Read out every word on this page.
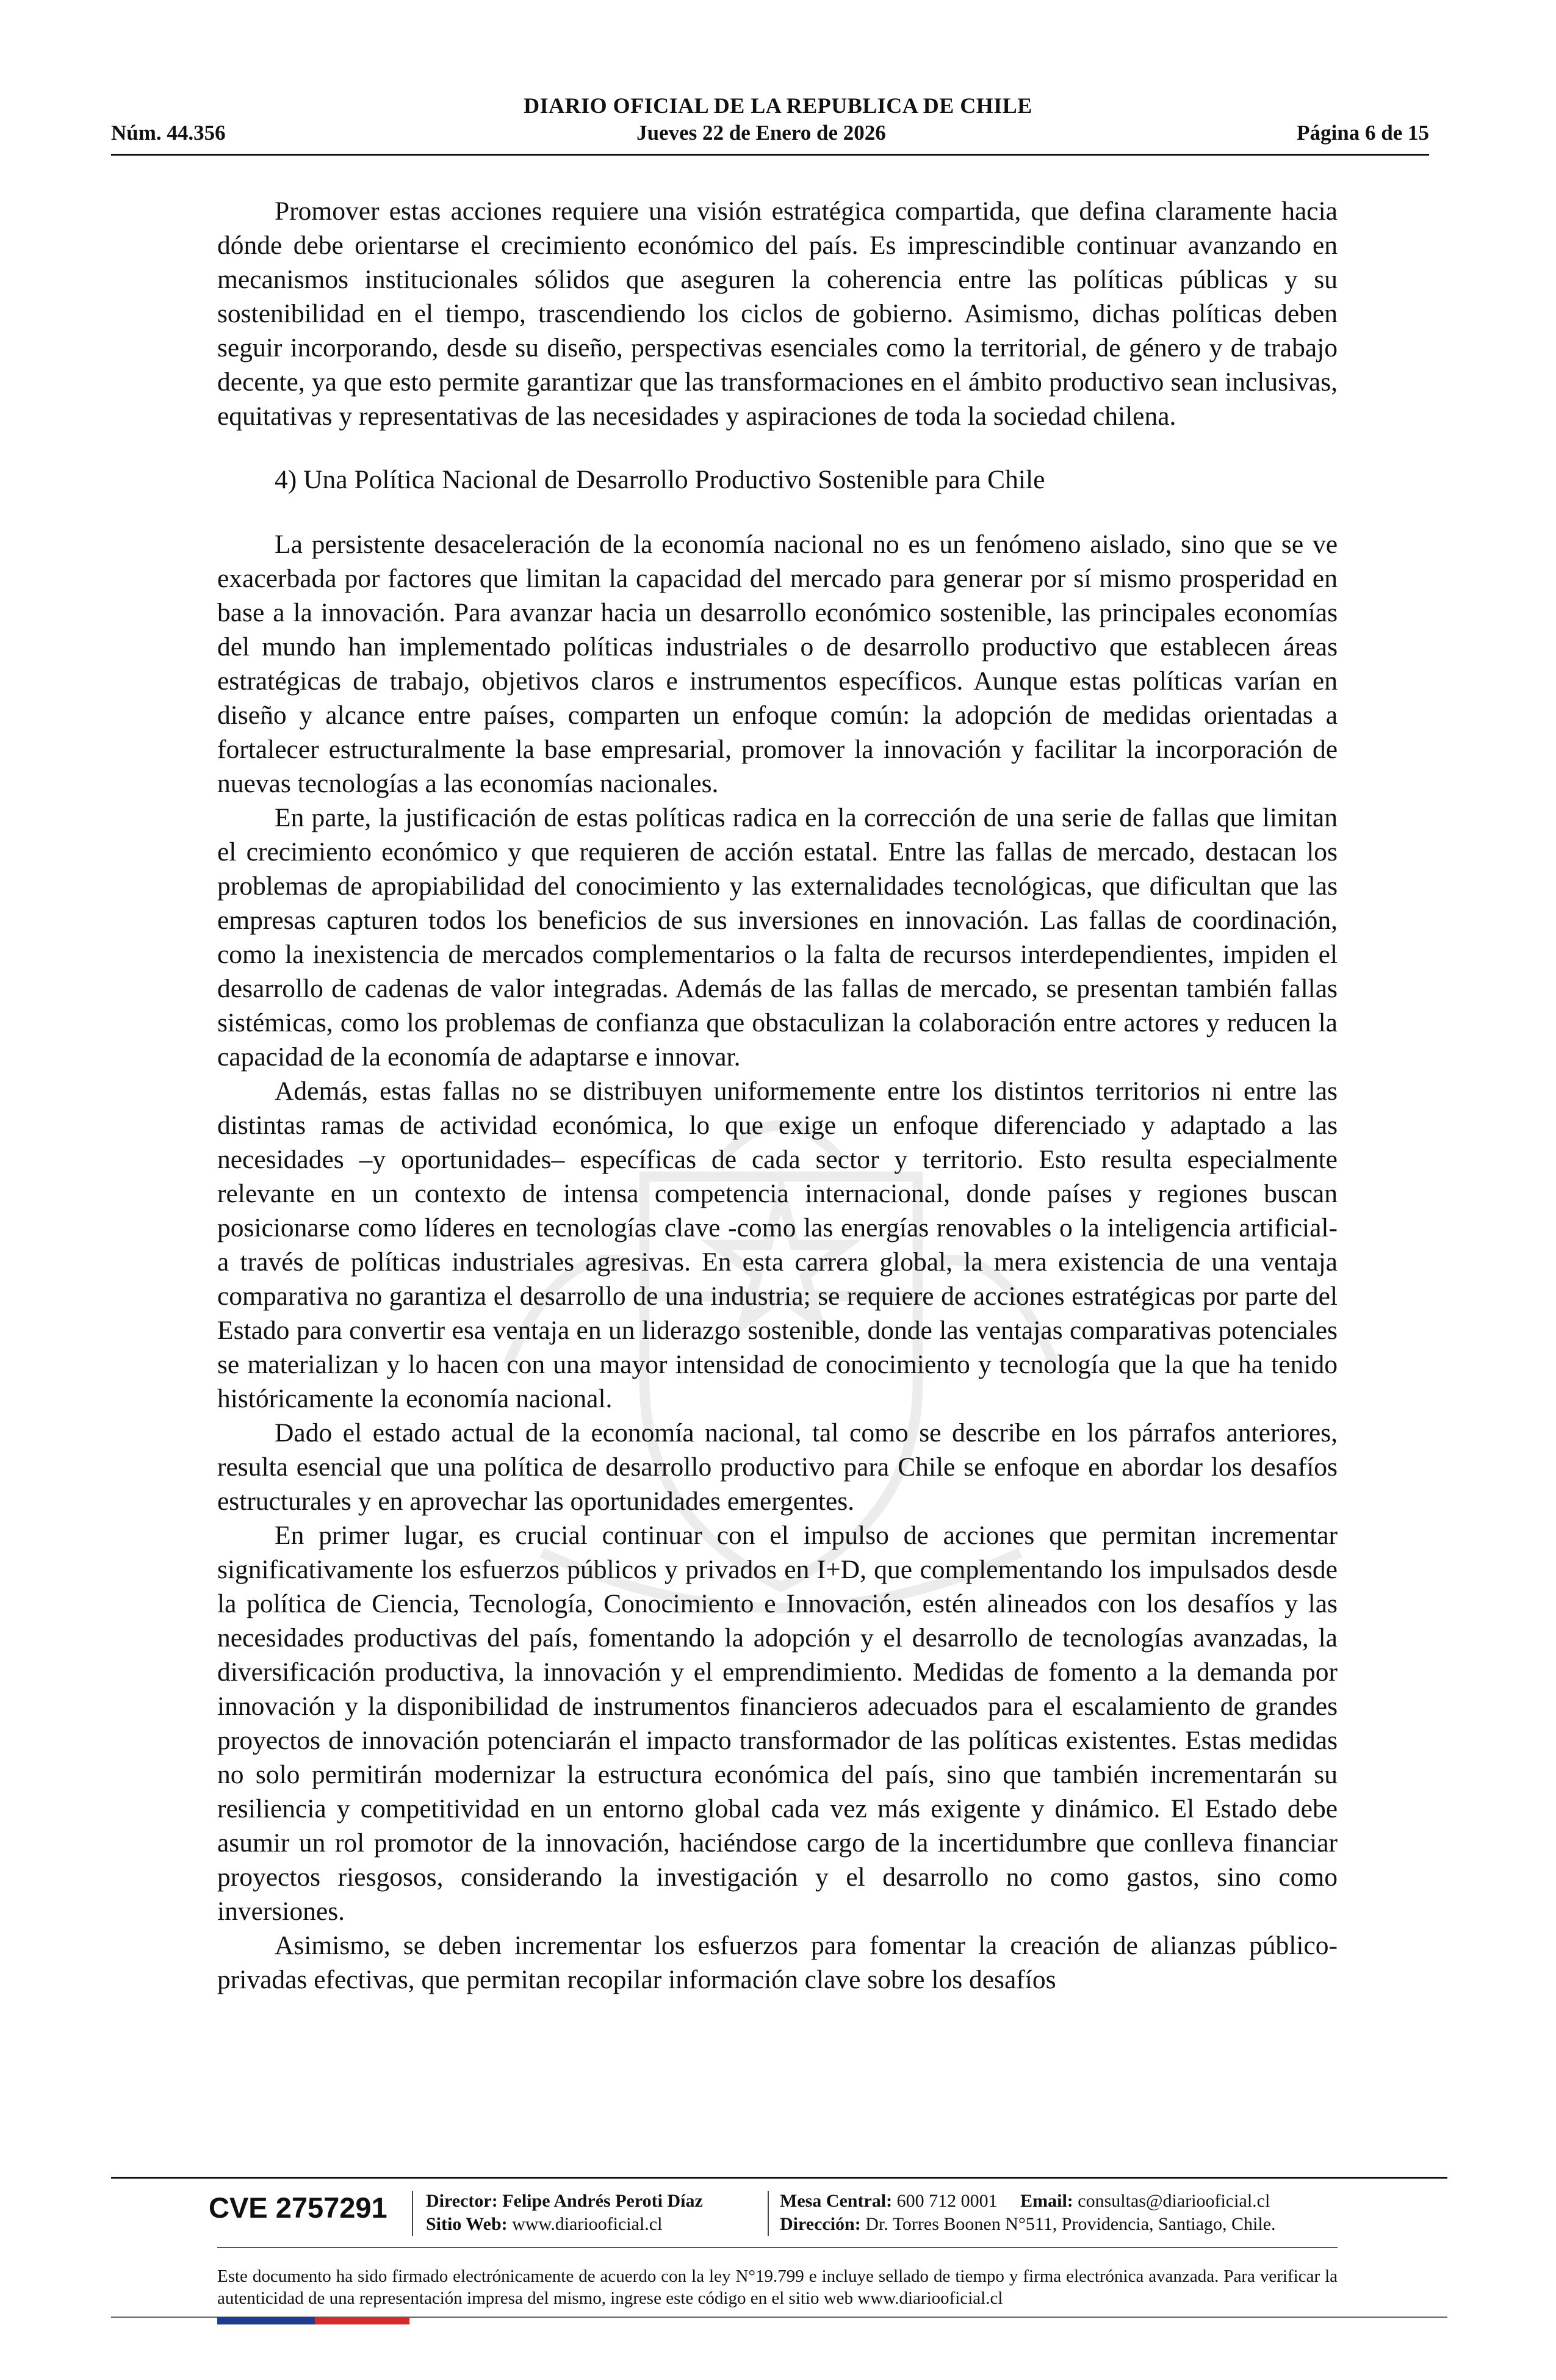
DIARIO OFICIAL DE LA REPUBLICA DE CHILE
Núm. 44.356	Jueves 22 de Enero de 2026	Página 6 de 15

Promover estas acciones requiere una visión estratégica compartida, que defina claramente hacia dónde debe orientarse el crecimiento económico del país. Es imprescindible continuar avanzando en mecanismos institucionales sólidos que aseguren la coherencia entre las políticas públicas y su sostenibilidad en el tiempo, trascendiendo los ciclos de gobierno. Asimismo, dichas políticas deben seguir incorporando, desde su diseño, perspectivas esenciales como la territorial, de género y de trabajo decente, ya que esto permite garantizar que las transformaciones en el ámbito productivo sean inclusivas, equitativas y representativas de las necesidades y aspiraciones de toda la sociedad chilena.

4) Una Política Nacional de Desarrollo Productivo Sostenible para Chile

La persistente desaceleración de la economía nacional no es un fenómeno aislado, sino que se ve exacerbada por factores que limitan la capacidad del mercado para generar por sí mismo prosperidad en base a la innovación. Para avanzar hacia un desarrollo económico sostenible, las principales economías del mundo han implementado políticas industriales o de desarrollo productivo que establecen áreas estratégicas de trabajo, objetivos claros e instrumentos específicos. Aunque estas políticas varían en diseño y alcance entre países, comparten un enfoque común: la adopción de medidas orientadas a fortalecer estructuralmente la base empresarial, promover la innovación y facilitar la incorporación de nuevas tecnologías a las economías nacionales.

En parte, la justificación de estas políticas radica en la corrección de una serie de fallas que limitan el crecimiento económico y que requieren de acción estatal. Entre las fallas de mercado, destacan los problemas de apropiabilidad del conocimiento y las externalidades tecnológicas, que dificultan que las empresas capturen todos los beneficios de sus inversiones en innovación. Las fallas de coordinación, como la inexistencia de mercados complementarios o la falta de recursos interdependientes, impiden el desarrollo de cadenas de valor integradas. Además de las fallas de mercado, se presentan también fallas sistémicas, como los problemas de confianza que obstaculizan la colaboración entre actores y reducen la capacidad de la economía de adaptarse e innovar.

Además, estas fallas no se distribuyen uniformemente entre los distintos territorios ni entre las distintas ramas de actividad económica, lo que exige un enfoque diferenciado y adaptado a las necesidades –y oportunidades– específicas de cada sector y territorio. Esto resulta especialmente relevante en un contexto de intensa competencia internacional, donde países y regiones buscan posicionarse como líderes en tecnologías clave -como las energías renovables o la inteligencia artificial- a través de políticas industriales agresivas. En esta carrera global, la mera existencia de una ventaja comparativa no garantiza el desarrollo de una industria; se requiere de acciones estratégicas por parte del Estado para convertir esa ventaja en un liderazgo sostenible, donde las ventajas comparativas potenciales se materializan y lo hacen con una mayor intensidad de conocimiento y tecnología que la que ha tenido históricamente la economía nacional.

Dado el estado actual de la economía nacional, tal como se describe en los párrafos anteriores, resulta esencial que una política de desarrollo productivo para Chile se enfoque en abordar los desafíos estructurales y en aprovechar las oportunidades emergentes.

En primer lugar, es crucial continuar con el impulso de acciones que permitan incrementar significativamente los esfuerzos públicos y privados en I+D, que complementando los impulsados desde la política de Ciencia, Tecnología, Conocimiento e Innovación, estén alineados con los desafíos y las necesidades productivas del país, fomentando la adopción y el desarrollo de tecnologías avanzadas, la diversificación productiva, la innovación y el emprendimiento. Medidas de fomento a la demanda por innovación y la disponibilidad de instrumentos financieros adecuados para el escalamiento de grandes proyectos de innovación potenciarán el impacto transformador de las políticas existentes. Estas medidas no solo permitirán modernizar la estructura económica del país, sino que también incrementarán su resiliencia y competitividad en un entorno global cada vez más exigente y dinámico. El Estado debe asumir un rol promotor de la innovación, haciéndose cargo de la incertidumbre que conlleva financiar proyectos riesgosos, considerando la investigación y el desarrollo no como gastos, sino como inversiones.

Asimismo, se deben incrementar los esfuerzos para fomentar la creación de alianzas público-privadas efectivas, que permitan recopilar información clave sobre los desafíos

CVE 2757291 Director: Felipe Andrés Peroti Díaz
Sitio Web: www.diariooficial.cl
Mesa Central: 600 712 0001 Email: consultas@diariooficial.cl
Dirección: Dr. Torres Boonen N°511, Providencia, Santiago, Chile.
Este documento ha sido firmado electrónicamente de acuerdo con la ley N°19.799 e incluye sellado de tiempo y firma electrónica avanzada. Para verificar la autenticidad de una representación impresa del mismo, ingrese este código en el sitio web www.diariooficial.cl
